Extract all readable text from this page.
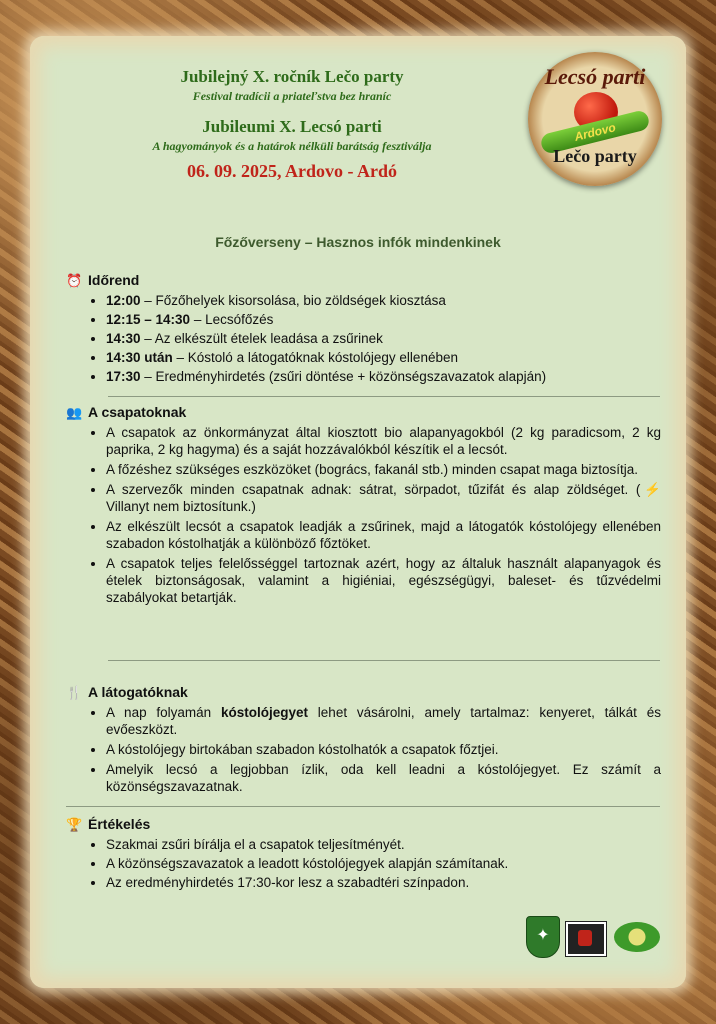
Jubilejný X. ročník Lečo party
Festival tradícii a priateľstva bez hraníc
Jubileumi X. Lecsó parti
A hagyományok és a határok nélküli barátság fesztiválja
06. 09. 2025, Ardovo - Ardó
Lecsó parti
Ardovo
Lečo party
Főzőverseny – Hasznos infók mindenkinek
⏰ Időrend
• 12:00 – Főzőhelyek kisorsolása, bio zöldségek kiosztása
• 12:15 – 14:30 – Lecsófőzés
• 14:30 – Az elkészült ételek leadása a zsűrinek
• 14:30 után – Kóstoló a látogatóknak kóstolójegy ellenében
• 17:30 – Eredményhirdetés (zsűri döntése + közönségszavazatok alapján)
👥 A csapatoknak
• A csapatok az önkormányzat által kiosztott bio alapanyagokból (2 kg paradicsom, 2 kg paprika, 2 kg hagyma) és a saját hozzávalókból készítik el a lecsót.
• A főzéshez szükséges eszközöket (bogrács, fakanál stb.) minden csapat maga biztosítja.
• A szervezők minden csapatnak adnak: sátrat, sörpadot, tűzifát és alap zöldséget. (⚡ Villanyt nem biztosítunk.)
• Az elkészült lecsót a csapatok leadják a zsűrinek, majd a látogatók kóstolójegy ellenében szabadon kóstolhatják a különböző főztöket.
• A csapatok teljes felelősséggel tartoznak azért, hogy az általuk használt alapanyagok és ételek biztonságosak, valamint a higiéniai, egészségügyi, baleset- és tűzvédelmi szabályokat betartják.
🍴 A látogatóknak
• A nap folyamán kóstolójegyet lehet vásárolni, amely tartalmaz: kenyeret, tálkát és evőeszközt.
• A kóstolójegy birtokában szabadon kóstolhatók a csapatok főztjei.
• Amelyik lecsó a legjobban ízlik, oda kell leadni a kóstolójegyet. Ez számít a közönségszavazatnak.
🏆 Értékelés
• Szakmai zsűri bírálja el a csapatok teljesítményét.
• A közönségszavazatok a leadott kóstolójegyek alapján számítanak.
• Az eredményhirdetés 17:30-kor lesz a szabadtéri színpadon.
✦
